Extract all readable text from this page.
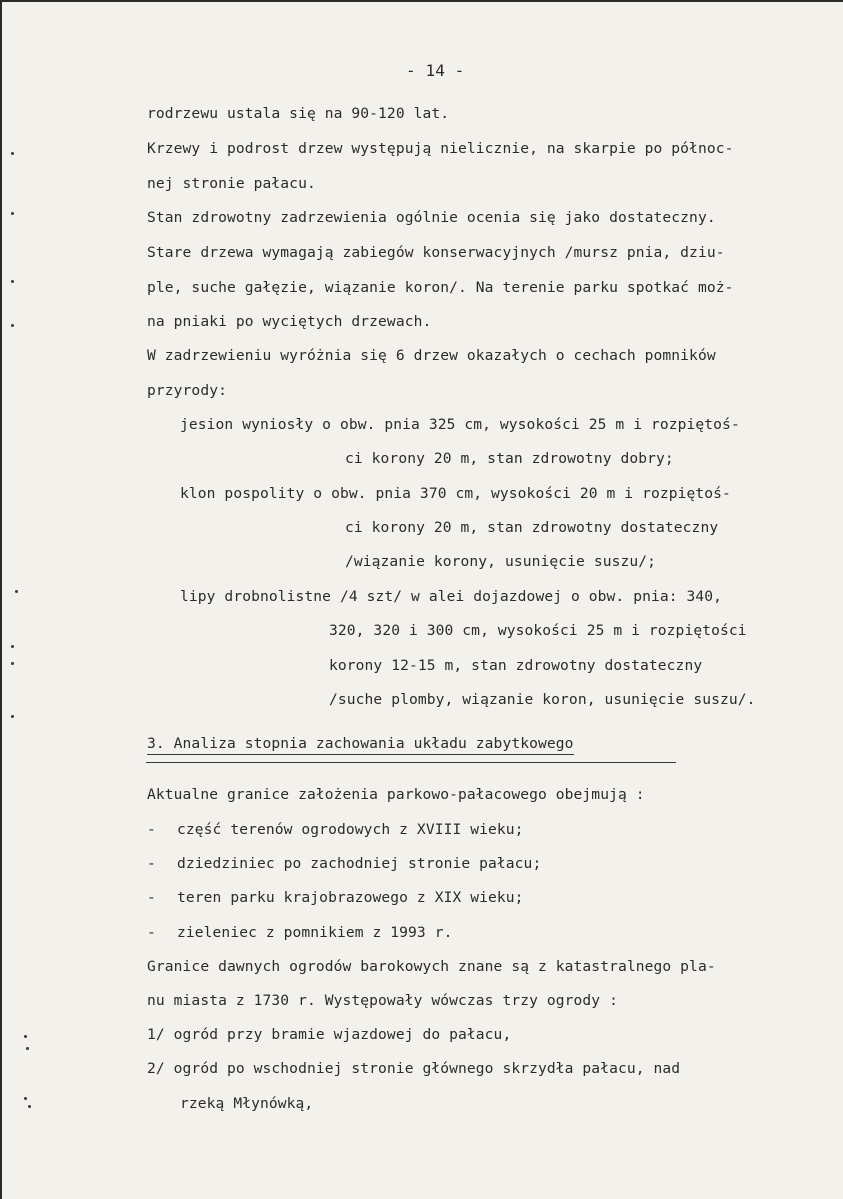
- 14 -
rodrzewu ustala się na 90-120 lat.
Krzewy i podrost drzew występują nielicznie, na skarpie po północ-
nej stronie pałacu.
Stan zdrowotny zadrzewienia ogólnie ocenia się jako dostateczny.
Stare drzewa wymagają zabiegów konserwacyjnych /mursz pnia, dziu-
ple, suche gałęzie, wiązanie koron/. Na terenie parku spotkać moż-
na pniaki po wyciętych drzewach.
W zadrzewieniu wyróżnia się 6 drzew okazałych o cechach pomników
przyrody:
jesion wyniosły o obw. pnia 325 cm, wysokości 25 m i rozpiętoś-
ci korony 20 m, stan zdrowotny dobry;
klon pospolity o obw. pnia 370 cm, wysokości 20 m i rozpiętoś-
ci korony 20 m, stan zdrowotny dostateczny
/wiązanie korony, usunięcie suszu/;
lipy drobnolistne /4 szt/ w alei dojazdowej o obw. pnia: 340,
320, 320 i 300 cm, wysokości 25 m i rozpiętości
korony 12-15 m, stan zdrowotny dostateczny
/suche plomby, wiązanie koron, usunięcie suszu/.
3. Analiza stopnia zachowania układu zabytkowego
Aktualne granice założenia parkowo-pałacowego obejmują :
- część terenów ogrodowych z XVIII wieku;
- dziedziniec po zachodniej stronie pałacu;
- teren parku krajobrazowego z XIX wieku;
- zieleniec z pomnikiem z 1993 r.
Granice dawnych ogrodów barokowych znane są z katastralnego pla-
nu miasta z 1730 r. Występowały wówczas trzy ogrody :
1/ ogród przy bramie wjazdowej do pałacu,
2/ ogród po wschodniej stronie głównego skrzydła pałacu, nad
rzeką Młynówką,
